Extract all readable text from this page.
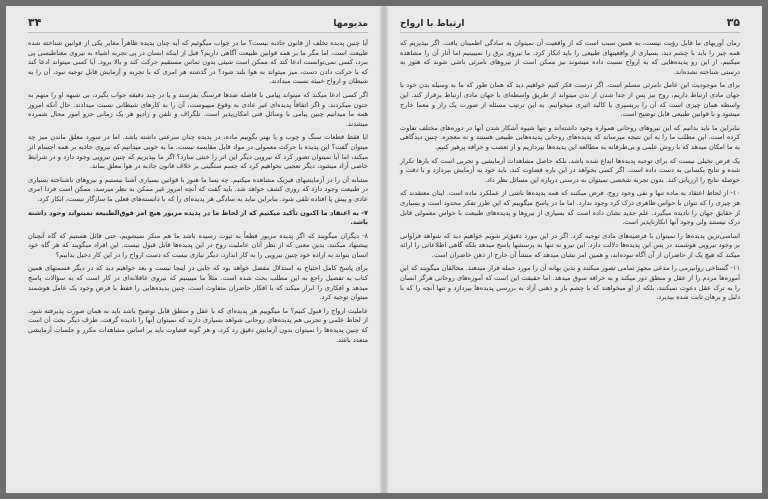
مدیومها
۳۴

آیا چنین پدیده تخلف از قانون جاذبه نیست؟ ما در جواب میگوئیم که آیه چنان پدیده ظاهراً مغایر یکی از قوانین شناخته شده طبیعت است، اما مگر ما بر همه قوانین طبیعت آگاهی داریم؟ قبل از اینکه انسان در پی تجربه اشیاء به نیروی مغناطیسی پی ببرد، کسی نمی‌توانست ادعا کند که ممکن است شیئی بدون تماس مستقیم حرکت کند و بالا برود. آیا کسی میتواند ادعا کند که با حرکت دادن دست، میز میتواند به هوا بلند شود؟ در گذشته هر امری که با تجربه و آزمایش قابل توجیه نبود، آن را به شیطان و ارواح خبیثه نسبت میدادند.

اگر کسی ادعا میکند که میتواند پیامی با فاصله صدها فرسنگ بفرستد و یا در چند دقیقه جواب بگیرد، بی شبهه او را متهم به جنون میکردند. و اگر اتفاقاً پدیده‌ای غیر عادی به وقوع میپیوست، آن را به کارهای شیطانی نسبت میدادند. حال آنکه امروز همه ما میدانیم چنین پیامی با وسائل فنی امکان‌پذیر است. تلگراف و تلفن و رادیو هر یک زمانی جزو امور محال شمرده میشدند.

ایا فقط قطعات سنگ و چوب و یا بهتر بگوییم ماده، در پدیده چنان سرعتی داشته باشد. اما در سورد معلق ماندن میز چه میتوان گفت؟ این پدیده با حرکت معمولی در مواد قابل مقایسه نیست. ما به خوبی میدانیم که نیروی جاذبه بر همه اجسام اثر میکند، اما آیا نمیتوان تصور کرد که نیرویی دیگر این اثر را خنثی سازد؟ اگر ما بپذیریم که چنین نیرویی وجود دارد و در شرایط خاصی آزاد میشود، دیگر تعجبی نخواهیم کرد که جسم سنگینی بر خلاف قانون جاذبه در هوا معلق بماند.

مشابه آن را در آزمایشهای فیزیک مشاهده میکنیم. چه بسا ما هنوز با قوانین بسیاری آشنا نیستیم و نیروهای ناشناخته بسیاری در طبیعت وجود دارد که روزی کشف خواهد شد. باید گفت که آنچه امروز غیر ممکن به نظر میرسد، ممکن است فردا امری عادی و پیش پا افتاده تلقی شود. بنابراین نباید به سادگی هر پدیده‌ای را که با دانسته‌های فعلی ما سازگار نیست، انکار کرد.

۷- به اعتقاد ما اکنون تأکید میکنیم که از لحاظ ما در پدیده مزبور هیچ امر فوق‌الطبیعه نمیتواند وجود داشته باشد.

۸- دیگران میگویند که اگر پدیده مزبور قطعاً به ثبوت رسیده باشد ما هم منکر نمیشویم، حتی قائل هستیم که گاه آنچنان پیشنهاد میکنند. بدین معنی که از نظر آنان عاملیت روح در این پدیده‌ها قابل قبول نیست. این افراد میگویند که هر گاه خود انسان بتواند به اراده خود چنین نیرویی را به کار اندازد، دیگر نیازی نیست که دست ارواح را در این کار دخیل بدانیم؟

برای پاسخ کامل احتیاج به استدلال مفصل خواهد بود که جایی در اینجا نیست و بعد خواهیم دید که در دیگر قسمتهای همین کتاب به تفصیل راجع به این مطلب بحث شده است. مثلاً ما میبینیم که نیروی عاقلانه‌ای در کار است که به سؤالات پاسخ میدهد و افکاری را ابراز میکند که با افکار حاضران متفاوت است. چنین پدیده‌هایی را فقط با فرض وجود یک عامل هوشمند میتوان توجیه کرد.

عاملیت ارواح را قبول کنیم؟ ما میگوییم هر پدیده‌ای که با عقل و منطق قابل توضیح باشد باید به همان صورت پذیرفته شود. از لحاظ علمی و تجربی هم پدیده‌های روحانی شواهد بسیاری دارند که نمیتوان آنها را نادیده گرفت. طرف دیگر بحث آن است که چنین پدیده‌ها را نمیتوان بدون آزمایش دقیق رد کرد، و هر گونه قضاوت باید بر اساس مشاهدات مکرر و جلسات آزمایشی متعدد باشد.

۳۵
ارتباط با ارواح

زمان آوریهای ما قابل رؤیت نیست، به همین سبب است که از واقعیت آن نمیتوان به سادگی اطمینان یافت. اگر بپذیریم که همه چیز را باید با چشم دید، بسیاری از واقعیتهای طبیعی را باید انکار کرد. ما نیروی برق را نمیبینیم اما آثار آن را مشاهده میکنیم. از این رو پدیده‌هایی که به ارواح نسبت داده میشوند نیز ممکن است از نیروهای نامرئی ناشی شوند که هنوز به درستی شناخته نشده‌اند.

برای ما موجودیت این عامل نامرئی مسلم است. اگر درست فکر کنیم خواهیم دید که همان طور که ما به وسیله بدن خود با جهان مادی ارتباط داریم، روح نیز پس از جدا شدن از بدن میتواند از طریق واسطه‌ای با جهان مادی ارتباط برقرار کند. این واسطه همان چیزی است که آن را پریسپری یا کالبد اثیری میخوانیم. به این ترتیب مسئله از صورت یک راز و معما خارج میشود و با قوانین طبیعی قابل توضیح است.

بنابراین ما باید بدانیم که این نیروهای روحانی همواره وجود داشته‌اند و تنها شیوه آشکار شدن آنها در دوره‌های مختلف تفاوت کرده است. این مطلب ما را به این نتیجه میرساند که پدیده‌های روحانی پدیده‌هایی طبیعی هستند و نه معجزه. چنین دیدگاهی به ما امکان میدهد که با روش علمی و بی‌طرفانه به مطالعه این پدیده‌ها بپردازیم و از تعصب و خرافه پرهیز کنیم.

یک فرض تخیلی نیست که برای توجیه پدیده‌ها ابداع شده باشد، بلکه حاصل مشاهدات آزمایشی و تجربی است که بارها تکرار شده و نتایج یکسانی به دست داده است. اگر کسی بخواهد در این باره قضاوت کند، باید خود به آزمایش بپردازد و با دقت و حوصله نتایج را ارزیابی کند. بدون تجربه شخصی نمیتوان به درستی درباره این مسائل نظر داد.

۱۰- از لحاظ اعتقاد به ماده تنها و نفی وجود روح، فرض میکنند که همه پدیده‌ها ناشی از عملکرد ماده است. اینان معتقدند که هر چیزی را که نتوان با حواس ظاهری درک کرد وجود ندارد. اما ما در پاسخ میگوییم که این طرز تفکر محدود است و بسیاری از حقایق جهان را نادیده میگیرد. علم جدید نشان داده است که بسیاری از نیروها و پدیده‌های طبیعت با حواس معمولی قابل درک نیستند ولی وجود آنها انکارناپذیر است.

اساسی‌ترین پدیده‌ها را نمیتوان با فرضیه‌های مادی توجیه کرد. اگر در این مورد دقیق‌تر شویم خواهیم دید که شواهد فراوانی بر وجود نیرویی هوشمند در پس این پدیده‌ها دلالت دارد. این نیرو نه تنها به پرسشها پاسخ میدهد بلکه گاهی اطلاعاتی را ارائه میکند که هیچ یک از حاضران از آن آگاه نبوده‌اند، و همین امر نشان میدهد که منشأ آن خارج از ذهن حاضران است.

۱۱- گستاخی روانیزمی را مدعی مجهز تمامی تصور میکنند و بدین بهانه آن را مورد حمله قرار میدهند. مخالفان میگویند که این آموزه‌ها مردم را از عقل و منطق دور میکند و به خرافه سوق میدهد. اما حقیقت این است که آموزه‌های روحانی هرگز انسان را به ترک عقل دعوت نمیکنند، بلکه از او میخواهند که با چشم باز و ذهنی آزاد به بررسی پدیده‌ها بپردازد و تنها آنچه را که با دلیل و برهان ثابت شده بپذیرد.
